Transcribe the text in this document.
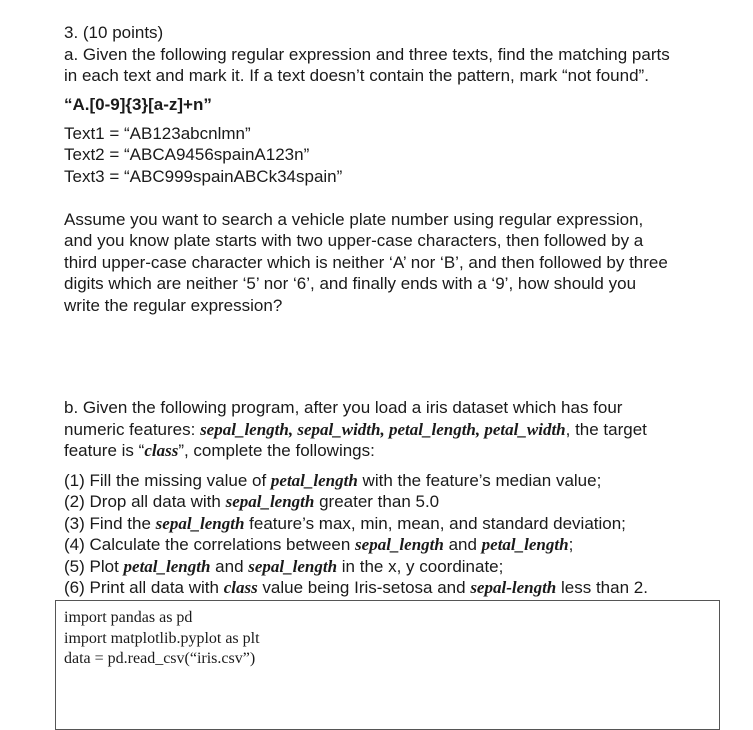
3. (10 points)
a. Given the following regular expression and three texts, find the matching parts
in each text and mark it. If a text doesn’t contain the pattern, mark “not found”.
“A.[0-9]{3}[a-z]+n”
Text1 = “AB123abcnlmn”
Text2 = “ABCA9456spainA123n”
Text3 = “ABC999spainABCk34spain”
Assume you want to search a vehicle plate number using regular expression,
and you know plate starts with two upper-case characters, then followed by a
third upper-case character which is neither ‘A’ nor ‘B’, and then followed by three
digits which are neither ‘5’ nor ‘6’, and finally ends with a ‘9’, how should you
write the regular expression?
b. Given the following program, after you load a iris dataset which has four
numeric features: sepal_length, sepal_width, petal_length, petal_width, the target
feature is “class”, complete the followings:
(1) Fill the missing value of petal_length with the feature’s median value;
(2) Drop all data with sepal_length greater than 5.0
(3) Find the sepal_length feature’s max, min, mean, and standard deviation;
(4) Calculate the correlations between sepal_length and petal_length;
(5) Plot petal_length and sepal_length in the x, y coordinate;
(6) Print all data with class value being Iris-setosa and sepal-length less than 2.
import pandas as pd
import matplotlib.pyplot as plt
data = pd.read_csv(“iris.csv”)
